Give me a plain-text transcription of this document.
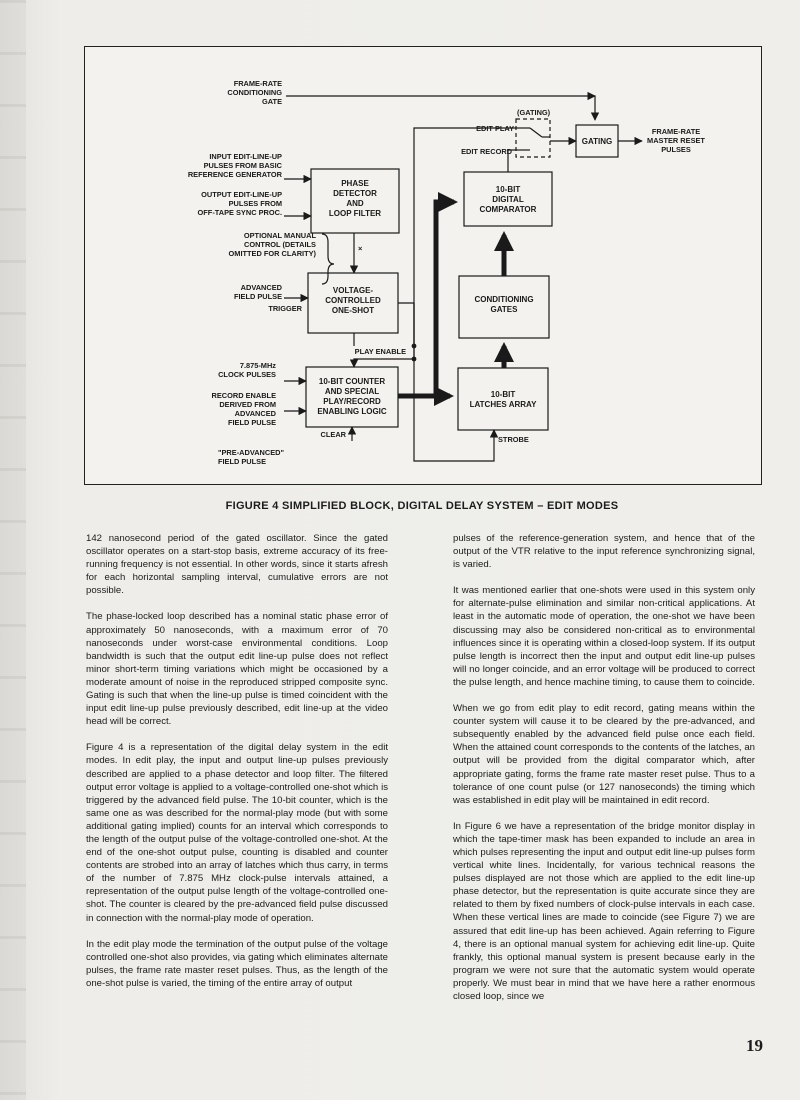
PHASE
DETECTOR
AND
LOOP FILTER
VOLTAGE-
CONTROLLED
ONE-SHOT
10-BIT COUNTER
AND SPECIAL
PLAY/RECORD
ENABLING LOGIC
10-BIT
DIGITAL
COMPARATOR
CONDITIONING
GATES
10-BIT
LATCHES ARRAY
GATING
FRAME-RATE
CONDITIONING
GATE
INPUT EDIT-LINE-UP
PULSES FROM BASIC
REFERENCE GENERATOR
OUTPUT EDIT-LINE-UP
PULSES FROM
OFF-TAPE SYNC PROC.
OPTIONAL MANUAL
CONTROL (DETAILS
OMITTED FOR CLARITY)
ADVANCED
FIELD PULSE
TRIGGER
PLAY ENABLE
7.875-MHz
CLOCK PULSES
RECORD ENABLE
DERIVED FROM
ADVANCED
FIELD PULSE
CLEAR
"PRE-ADVANCED"
FIELD PULSE
EDIT PLAY
EDIT RECORD
(GATING)
STROBE
×
FRAME-RATE
MASTER RESET
PULSES
FIGURE 4 SIMPLIFIED BLOCK, DIGITAL DELAY SYSTEM – EDIT MODES

142 nanosecond period of the gated oscillator. Since the gated oscillator operates on a start-stop basis, extreme accuracy of its free-running frequency is not essential. In other words, since it starts afresh for each horizontal sampling interval, cumulative errors are not possible.

The phase-locked loop described has a nominal static phase error of approximately 50 nanoseconds, with a maximum error of 70 nanoseconds under worst-case environmental conditions. Loop bandwidth is such that the output edit line-up pulse does not reflect minor short-term timing variations which might be occasioned by a moderate amount of noise in the reproduced stripped composite sync. Gating is such that when the line-up pulse is timed coincident with the input edit line-up pulse previously described, edit line-up at the video head will be correct.

Figure 4 is a representation of the digital delay system in the edit modes. In edit play, the input and output line-up pulses previously described are applied to a phase detector and loop filter. The filtered output error voltage is applied to a voltage-controlled one-shot which is triggered by the advanced field pulse. The 10-bit counter, which is the same one as was described for the normal-play mode (but with some additional gating implied) counts for an interval which corresponds to the length of the output pulse of the voltage-controlled one-shot. At the end of the one-shot output pulse, counting is disabled and counter contents are strobed into an array of latches which thus carry, in terms of the number of 7.875 MHz clock-pulse intervals attained, a representation of the output pulse length of the voltage-controlled one-shot. The counter is cleared by the pre-advanced field pulse discussed in connection with the normal-play mode of operation.

In the edit play mode the termination of the output pulse of the voltage controlled one-shot also provides, via gating which eliminates alternate pulses, the frame rate master reset pulses. Thus, as the length of the one-shot pulse is varied, the timing of the entire array of output

pulses of the reference-generation system, and hence that of the output of the VTR relative to the input reference synchronizing signal, is varied.

It was mentioned earlier that one-shots were used in this system only for alternate-pulse elimination and similar non-critical applications. At least in the automatic mode of operation, the one-shot we have been discussing may also be considered non-critical as to environmental influences since it is operating within a closed-loop system. If its output pulse length is incorrect then the input and output edit line-up pulses will no longer coincide, and an error voltage will be produced to correct the pulse length, and hence machine timing, to cause them to coincide.

When we go from edit play to edit record, gating means within the counter system will cause it to be cleared by the pre-advanced, and subsequently enabled by the advanced field pulse once each field. When the attained count corresponds to the contents of the latches, an output will be provided from the digital comparator which, after appropriate gating, forms the frame rate master reset pulse. Thus to a tolerance of one count pulse (or 127 nanoseconds) the timing which was established in edit play will be maintained in edit record.

In Figure 6 we have a representation of the bridge monitor display in which the tape-timer mask has been expanded to include an area in which pulses representing the input and output edit line-up pulses form vertical white lines. Incidentally, for various technical reasons the pulses displayed are not those which are applied to the edit line-up phase detector, but the representation is quite accurate since they are related to them by fixed numbers of clock-pulse intervals in each case. When these vertical lines are made to coincide (see Figure 7) we are assured that edit line-up has been achieved. Again referring to Figure 4, there is an optional manual system for achieving edit line-up. Quite frankly, this optional manual system is present because early in the program we were not sure that the automatic system would operate properly. We must bear in mind that we have here a rather enormous closed loop, since we

19
